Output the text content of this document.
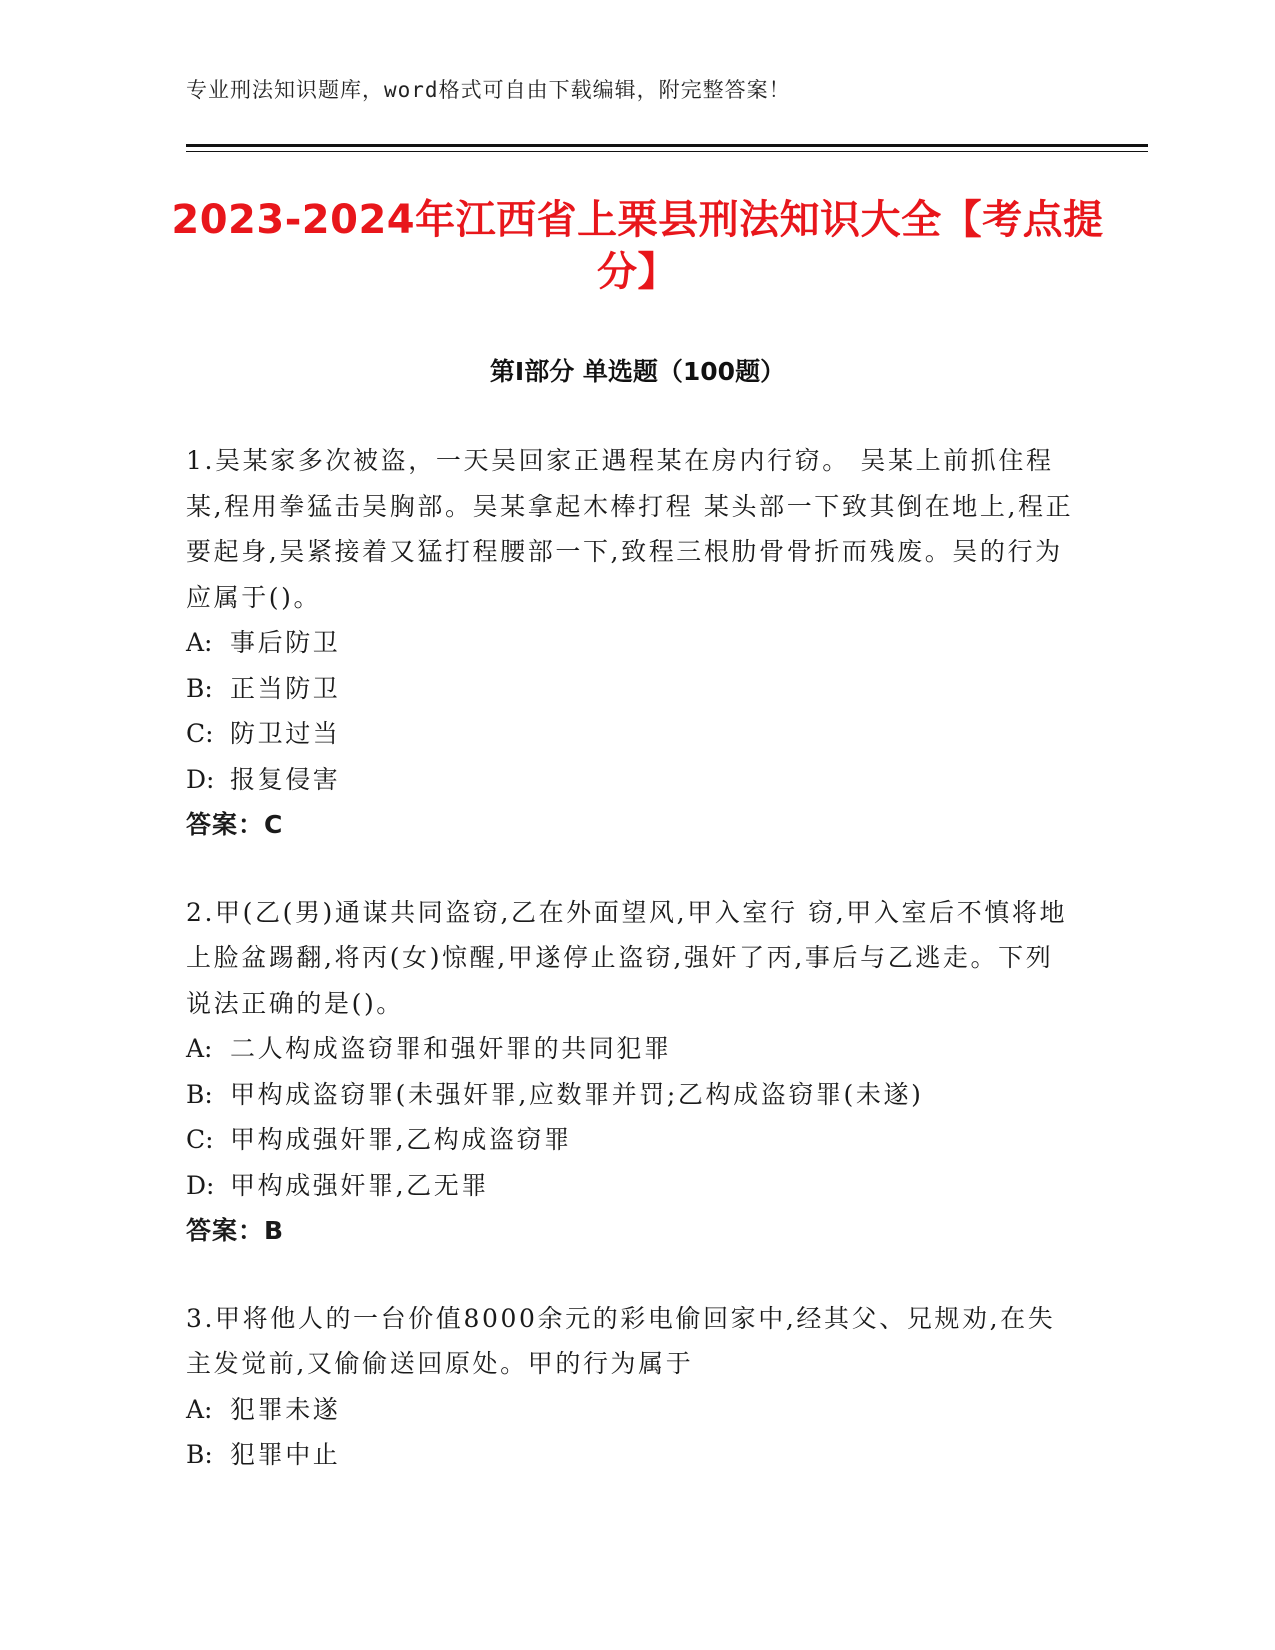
专业刑法知识题库，word格式可自由下载编辑，附完整答案！
2023-2024年江西省上栗县刑法知识大全【考点提分】
第Ⅰ部分 单选题（100题）

1.吴某家多次被盗，一天吴回家正遇程某在房内行窃。 吴某上前抓住程某,程用拳猛击吴胸部。吴某拿起木棒打程 某头部一下致其倒在地上,程正要起身,吴紧接着又猛打程腰部一下,致程三根肋骨骨折而残废。吴的行为应属于()。

A: 事后防卫

B: 正当防卫

C: 防卫过当

D: 报复侵害

答案：C

2.甲(乙(男)通谋共同盗窃,乙在外面望风,甲入室行 窃,甲入室后不慎将地上脸盆踢翻,将丙(女)惊醒,甲遂停止盗窃,强奸了丙,事后与乙逃走。下列说法正确的是()。

A: 二人构成盗窃罪和强奸罪的共同犯罪

B: 甲构成盗窃罪(未强奸罪,应数罪并罚;乙构成盗窃罪(未遂)

C: 甲构成强奸罪,乙构成盗窃罪

D: 甲构成强奸罪,乙无罪

答案：B

3.甲将他人的一台价值8000余元的彩电偷回家中,经其父、兄规劝,在失主发觉前,又偷偷送回原处。甲的行为属于

A: 犯罪未遂

B: 犯罪中止
